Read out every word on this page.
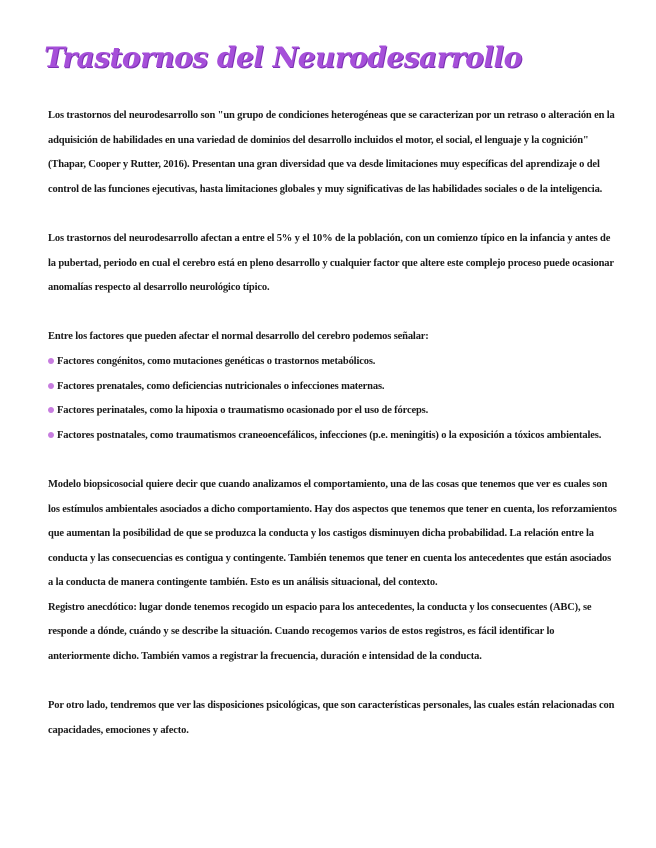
Trastornos del Neurodesarrollo

Los trastornos del neurodesarrollo son "un grupo de condiciones heterogéneas que se caracterizan por un retraso o alteración en la adquisición de habilidades en una variedad de dominios del desarrollo incluidos el motor, el social, el lenguaje y la cognición" (Thapar, Cooper y Rutter, 2016). Presentan una gran diversidad que va desde limitaciones muy específicas del aprendizaje o del control de las funciones ejecutivas, hasta limitaciones globales y muy significativas de las habilidades sociales o de la inteligencia.

Los trastornos del neurodesarrollo afectan a entre el 5% y el 10% de la población, con un comienzo típico en la infancia y antes de la pubertad, periodo en cual el cerebro está en pleno desarrollo y cualquier factor que altere este complejo proceso puede ocasionar anomalías respecto al desarrollo neurológico típico.

Entre los factores que pueden afectar el normal desarrollo del cerebro podemos señalar:

Factores congénitos, como mutaciones genéticas o trastornos metabólicos.
Factores prenatales, como deficiencias nutricionales o infecciones maternas.
Factores perinatales, como la hipoxia o traumatismo ocasionado por el uso de fórceps.
Factores postnatales, como traumatismos craneoencefálicos, infecciones (p.e. meningitis) o la exposición a tóxicos ambientales.

Modelo biopsicosocial quiere decir que cuando analizamos el comportamiento, una de las cosas que tenemos que ver es cuales son los estímulos ambientales asociados a dicho comportamiento. Hay dos aspectos que tenemos que tener en cuenta, los reforzamientos que aumentan la posibilidad de que se produzca la conducta y los castigos disminuyen dicha probabilidad. La relación entre la conducta y las consecuencias es contigua y contingente. También tenemos que tener en cuenta los antecedentes que están asociados a la conducta de manera contingente también. Esto es un análisis situacional, del contexto.

Registro anecdótico: lugar donde tenemos recogido un espacio para los antecedentes, la conducta y los consecuentes (ABC), se responde a dónde, cuándo y se describe la situación. Cuando recogemos varios de estos registros, es fácil identificar lo anteriormente dicho. También vamos a registrar la frecuencia, duración e intensidad de la conducta.

Por otro lado, tendremos que ver las disposiciones psicológicas, que son características personales, las cuales están relacionadas con capacidades, emociones y afecto.
